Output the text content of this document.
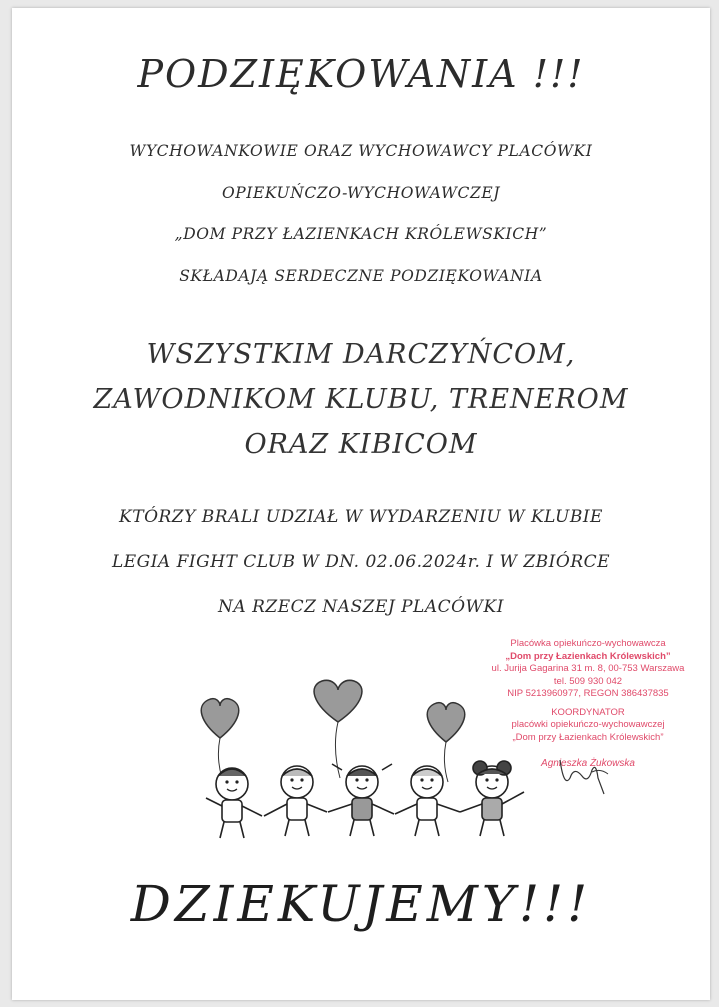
PODZIĘKOWANIA !!!
WYCHOWANKOWIE ORAZ WYCHOWAWCY PLACÓWKI
OPIEKUŃCZO-WYCHOWAWCZEJ
„DOM PRZY ŁAZIENKACH KRÓLEWSKICH”
SKŁADAJĄ SERDECZNE PODZIĘKOWANIA
WSZYSTKIM DARCZYŃCOM,
ZAWODNIKOM KLUBU, TRENEROM
ORAZ KIBICOM
KTÓRZY BRALI UDZIAŁ W WYDARZENIU W KLUBIE
LEGIA FIGHT CLUB W DN. 02.06.2024r. I W ZBIÓRCE
NA RZECZ NASZEJ PLACÓWKI
Placówka opiekuńczo-wychowawcza
„Dom przy Łazienkach Królewskich”
ul. Jurija Gagarina 31 m. 8, 00-753 Warszawa
tel. 509 930 042
NIP 5213960977, REGON 386437835
KOORDYNATOR
placówki opiekuńczo-wychowawczej
„Dom przy Łazienkach Królewskich”
Agnieszka Żukowska
DZIEKUJEMY!!!
